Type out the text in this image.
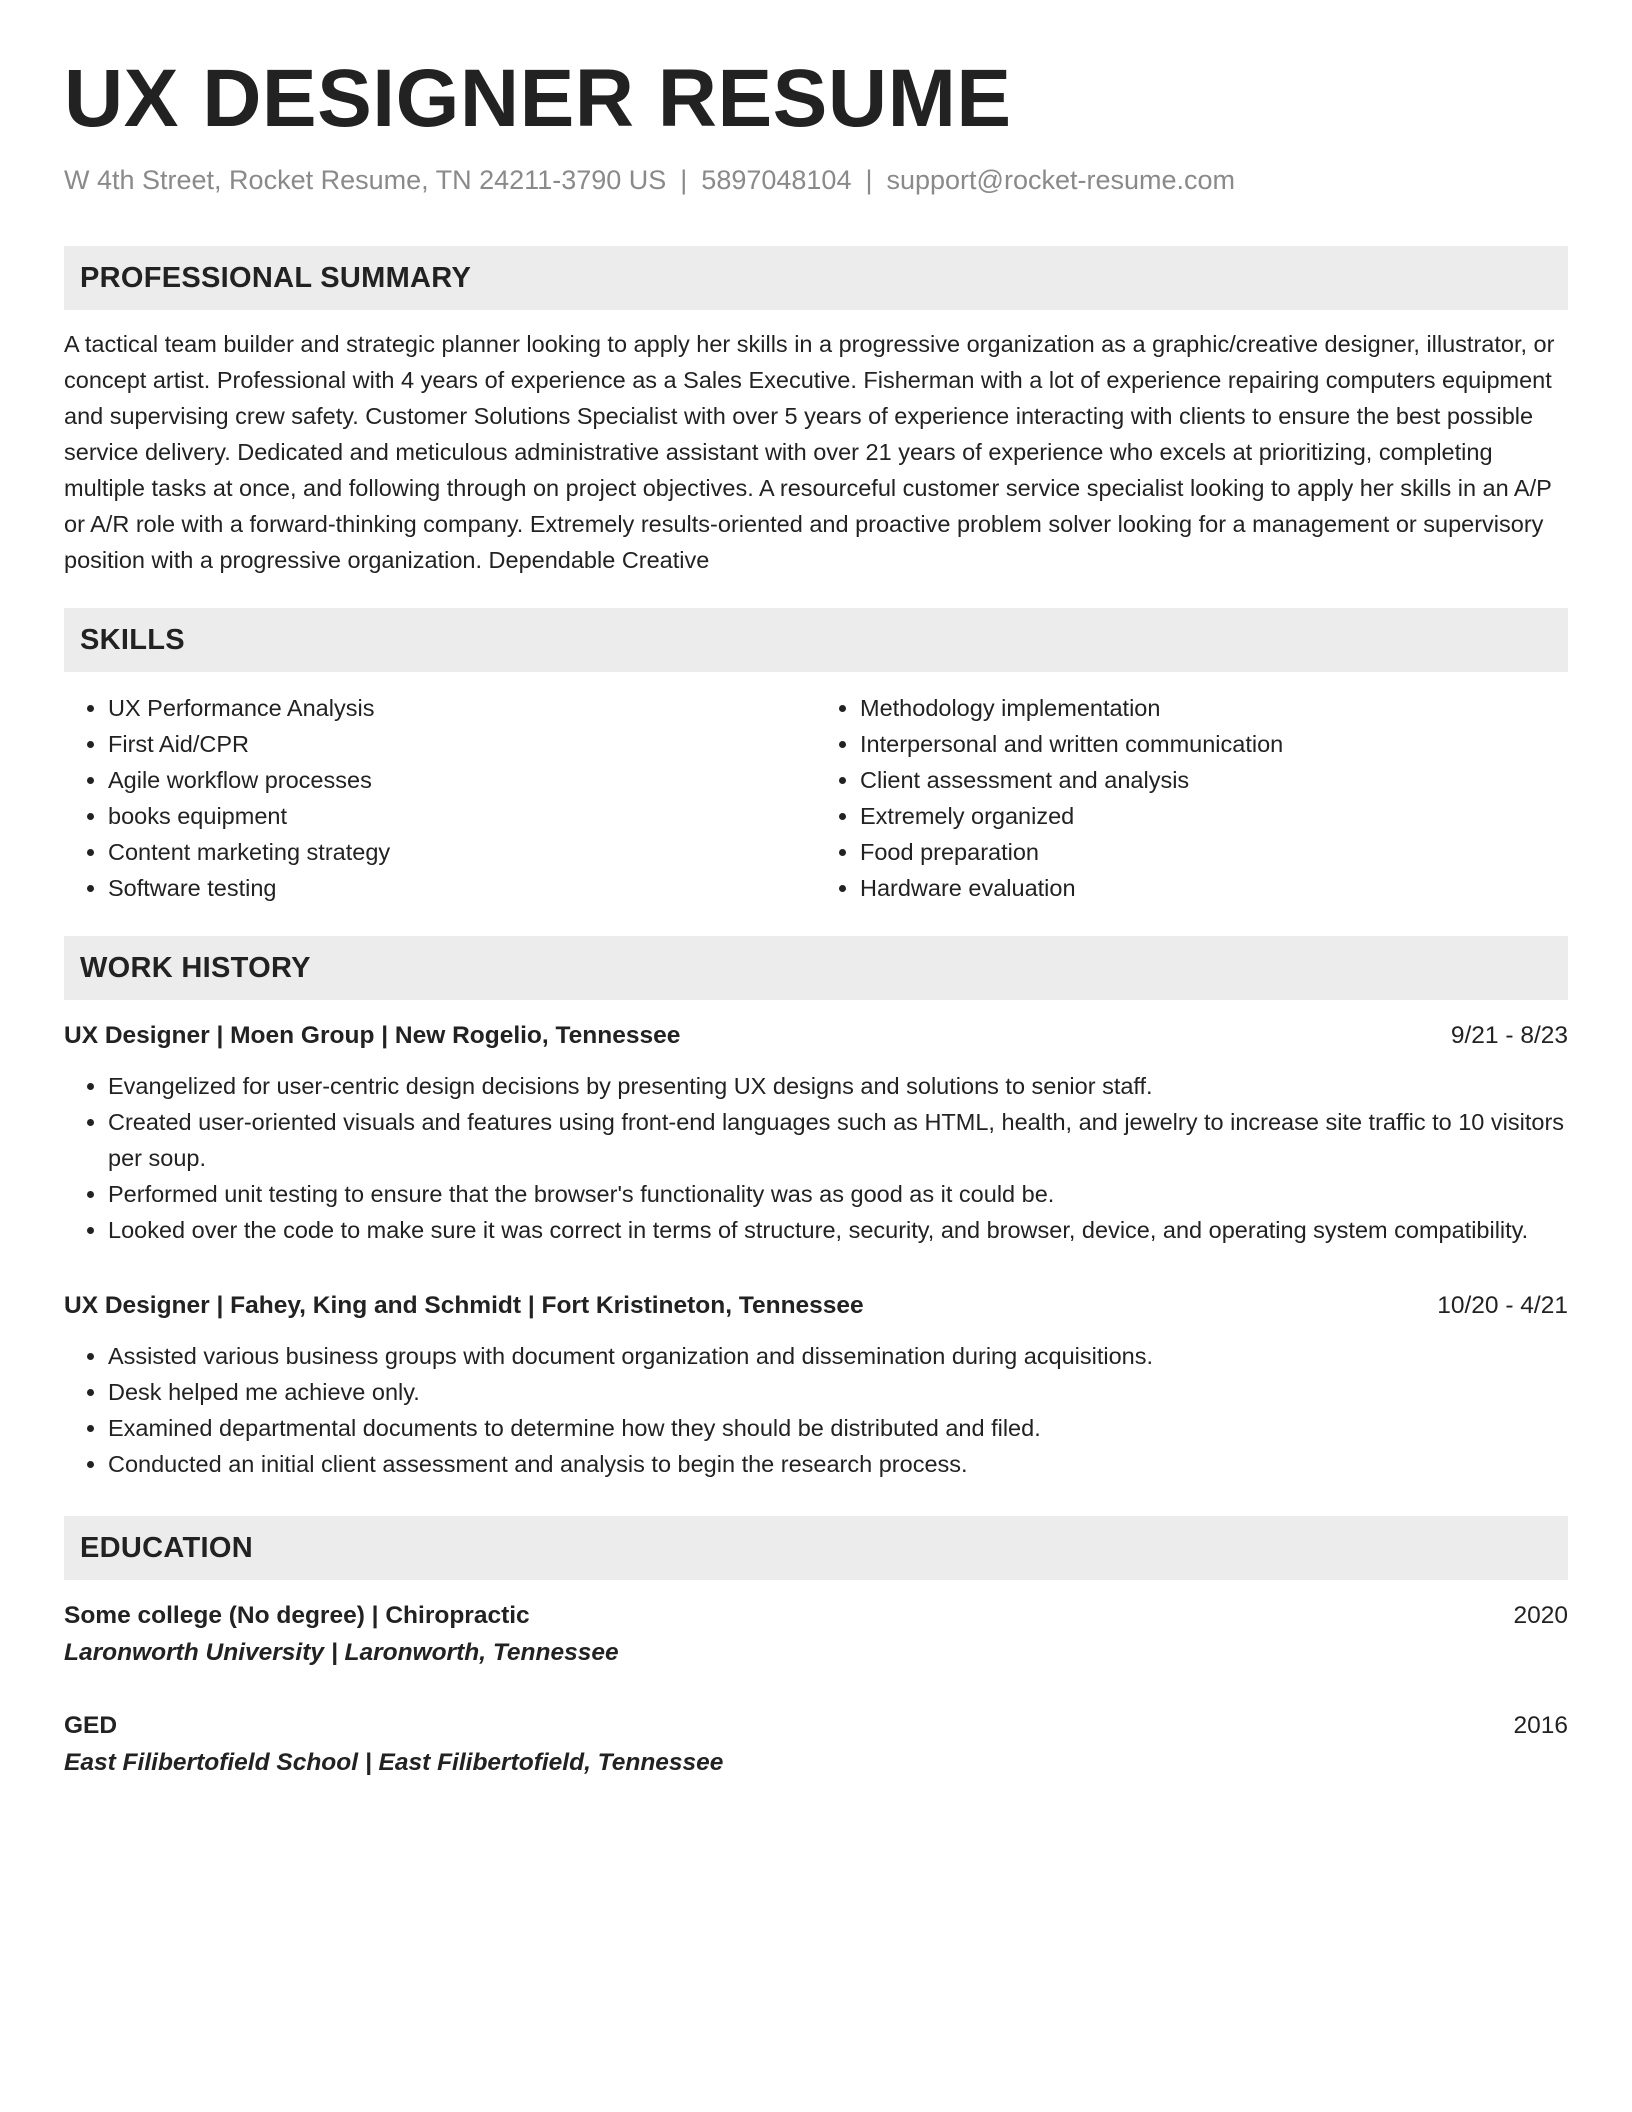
UX DESIGNER RESUME
W 4th Street, Rocket Resume, TN 24211-3790 US | 5897048104 | support@rocket-resume.com
PROFESSIONAL SUMMARY

A tactical team builder and strategic planner looking to apply her skills in a progressive organization as a graphic/creative designer, illustrator, or concept artist. Professional with 4 years of experience as a Sales Executive. Fisherman with a lot of experience repairing computers equipment and supervising crew safety. Customer Solutions Specialist with over 5 years of experience interacting with clients to ensure the best possible service delivery. Dedicated and meticulous administrative assistant with over 21 years of experience who excels at prioritizing, completing multiple tasks at once, and following through on project objectives. A resourceful customer service specialist looking to apply her skills in an A/P or A/R role with a forward-thinking company. Extremely results-oriented and proactive problem solver looking for a management or supervisory position with a progressive organization. Dependable Creative

SKILLS
• UX Performance Analysis
• First Aid/CPR
• Agile workflow processes
• books equipment
• Content marketing strategy
• Software testing
• Methodology implementation
• Interpersonal and written communication
• Client assessment and analysis
• Extremely organized
• Food preparation
• Hardware evaluation
WORK HISTORY
UX Designer | Moen Group | New Rogelio, Tennessee	9/21 - 8/23
• Evangelized for user-centric design decisions by presenting UX designs and solutions to senior staff.
• Created user-oriented visuals and features using front-end languages such as HTML, health, and jewelry to increase site traffic to 10 visitors per soup.
• Performed unit testing to ensure that the browser's functionality was as good as it could be.
• Looked over the code to make sure it was correct in terms of structure, security, and browser, device, and operating system compatibility.
UX Designer | Fahey, King and Schmidt | Fort Kristineton, Tennessee	10/20 - 4/21
• Assisted various business groups with document organization and dissemination during acquisitions.
• Desk helped me achieve only.
• Examined departmental documents to determine how they should be distributed and filed.
• Conducted an initial client assessment and analysis to begin the research process.
EDUCATION
Some college (No degree) | Chiropractic	2020
Laronworth University | Laronworth, Tennessee
GED	2016
East Filibertofield School | East Filibertofield, Tennessee
